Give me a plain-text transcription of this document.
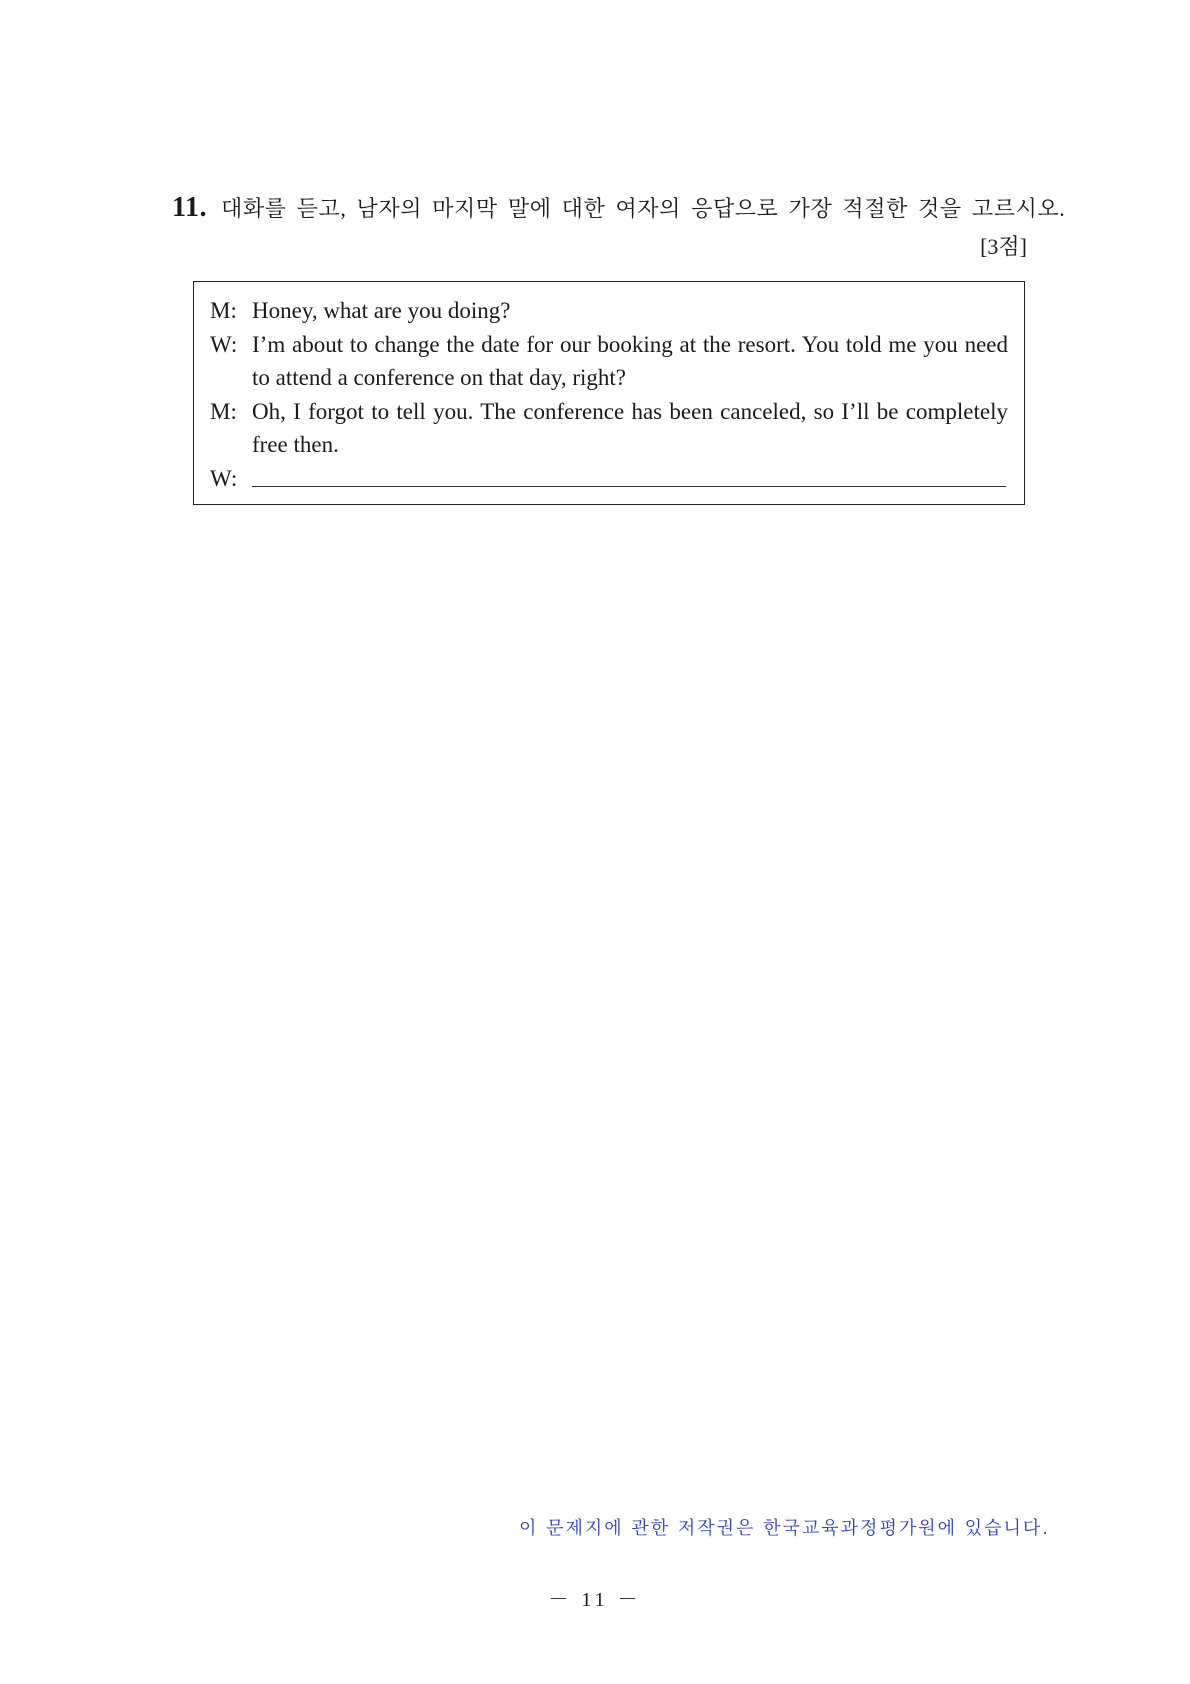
11. 대화를 듣고, 남자의 마지막 말에 대한 여자의 응답으로 가장 적절한 것을 고르시오.
[3점]
M: Honey, what are you doing?
W: I’m about to change the date for our booking at the resort. You told me you need to attend a conference on that day, right?
M: Oh, I forgot to tell you. The conference has been canceled, so I’ll be completely free then.
W:
이 문제지에 관한 저작권은 한국교육과정평가원에 있습니다.
－ 11 －
